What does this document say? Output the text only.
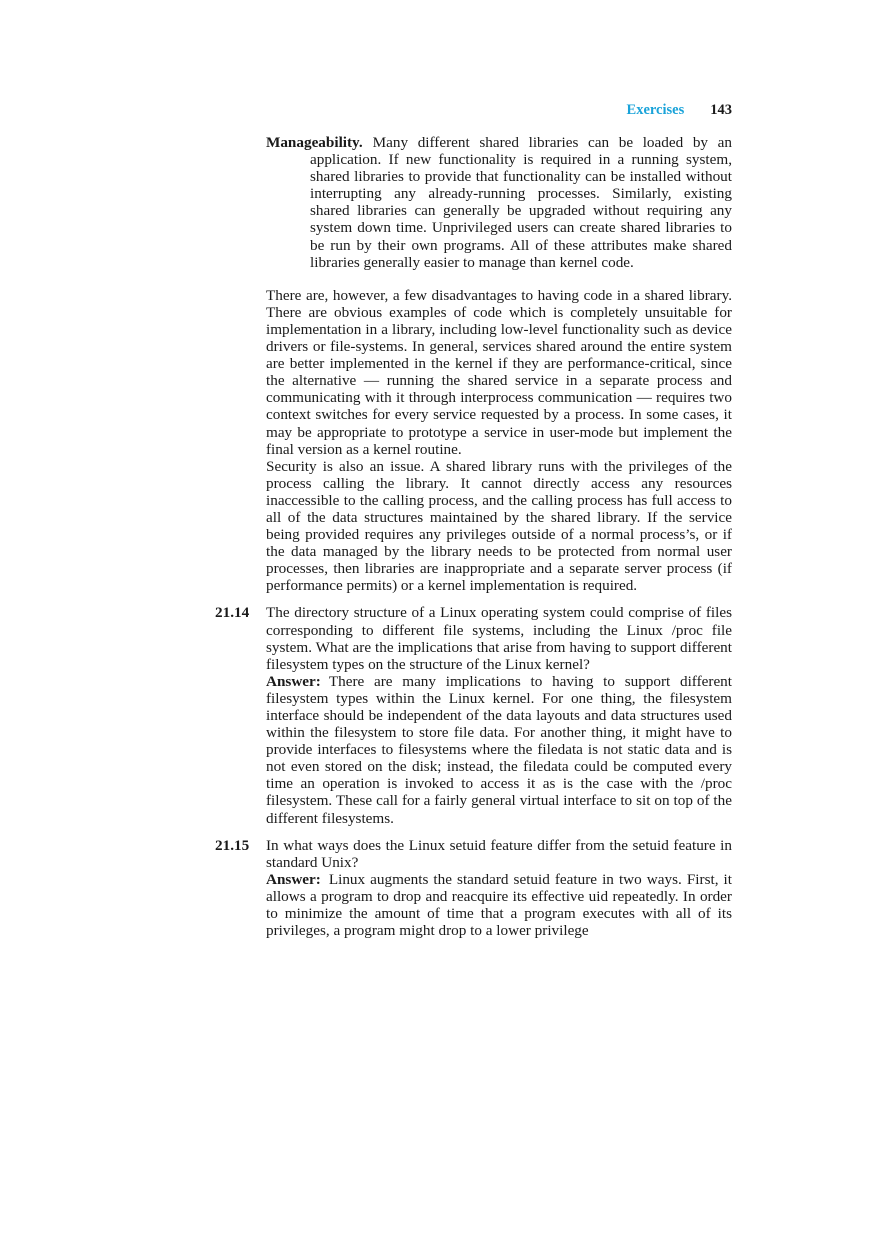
Exercises 143

Manageability. Many different shared libraries can be loaded by an application. If new functionality is required in a running system, shared libraries to provide that functionality can be installed without interrupting any already-running processes. Similarly, existing shared libraries can generally be upgraded without requiring any system down time. Unprivileged users can create shared libraries to be run by their own programs. All of these attributes make shared libraries generally easier to manage than kernel code.

There are, however, a few disadvantages to having code in a shared library. There are obvious examples of code which is completely unsuitable for implementation in a library, including low-level functionality such as device drivers or file-systems. In general, services shared around the entire system are better implemented in the kernel if they are performance-critical, since the alternative — running the shared service in a separate process and communicating with it through interprocess communication — requires two context switches for every service requested by a process. In some cases, it may be appropriate to prototype a service in user-mode but implement the final version as a kernel routine.

Security is also an issue. A shared library runs with the privileges of the process calling the library. It cannot directly access any resources inaccessible to the calling process, and the calling process has full access to all of the data structures maintained by the shared library. If the service being provided requires any privileges outside of a normal process’s, or if the data managed by the library needs to be protected from normal user processes, then libraries are inappropriate and a separate server process (if performance permits) or a kernel implementation is required.

21.14 The directory structure of a Linux operating system could comprise of files corresponding to different file systems, including the Linux /proc file system. What are the implications that arise from having to support different filesystem types on the structure of the Linux kernel?

Answer: There are many implications to having to support different filesystem types within the Linux kernel. For one thing, the filesystem interface should be independent of the data layouts and data structures used within the filesystem to store file data. For another thing, it might have to provide interfaces to filesystems where the filedata is not static data and is not even stored on the disk; instead, the filedata could be computed every time an operation is invoked to access it as is the case with the /proc filesystem. These call for a fairly general virtual interface to sit on top of the different filesystems.

21.15 In what ways does the Linux setuid feature differ from the setuid feature in standard Unix?

Answer: Linux augments the standard setuid feature in two ways. First, it allows a program to drop and reacquire its effective uid repeatedly. In order to minimize the amount of time that a program executes with all of its privileges, a program might drop to a lower privilege
